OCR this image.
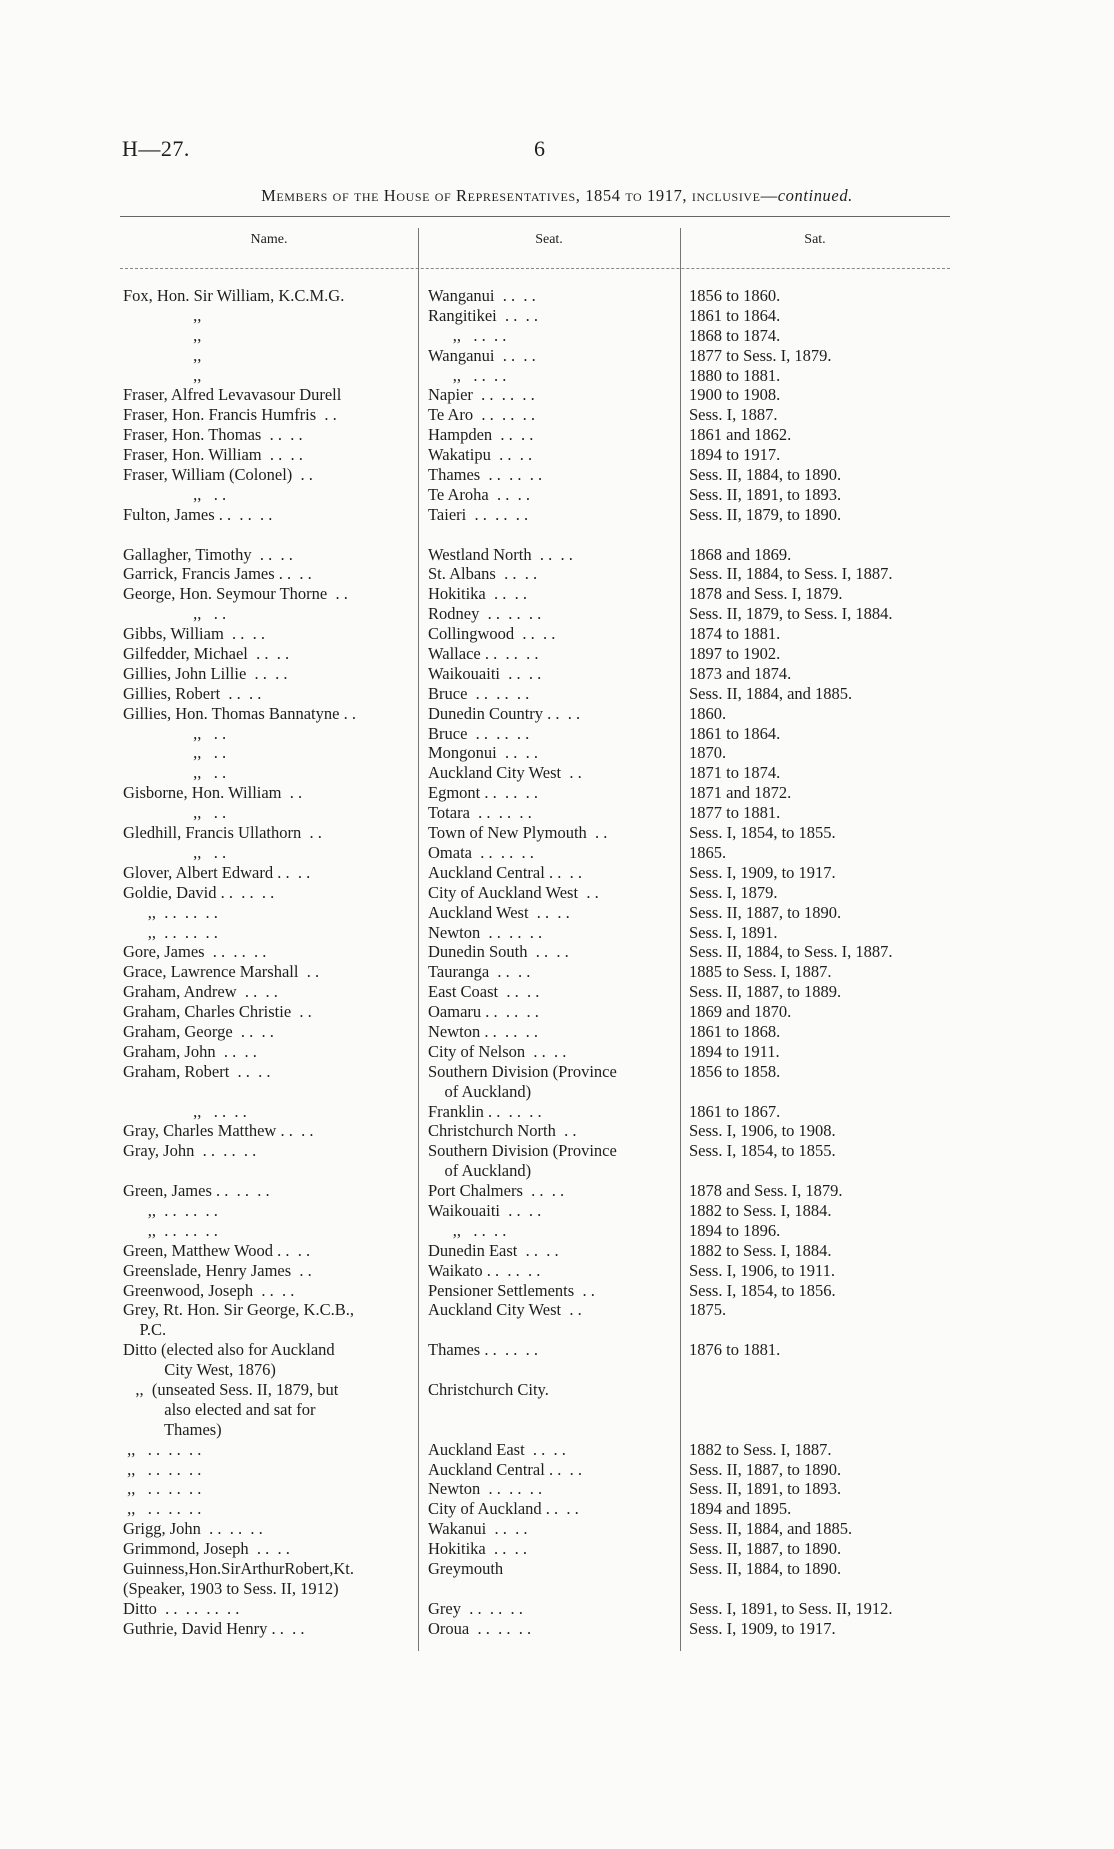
H—27.	6
Members of the House of Representatives, 1854 to 1917, inclusive—continued.
Name.	Seat.	Sat.
Fox, Hon. Sir William, K.C.M.G.	Wanganui  . .  . .	1856 to 1860.
,,	Rangitikei  . .  . .	1861 to 1864.
,,	,,   . .  . .	1868 to 1874.
,,	Wanganui  . .  . .	1877 to Sess. I, 1879.
,,	,,   . .  . .	1880 to 1881.
Fraser, Alfred Levavasour Durell	Napier  . .  . .  . .	1900 to 1908.
Fraser, Hon. Francis Humfris  . .	Te Aro  . .  . .  . .	Sess. I, 1887.
Fraser, Hon. Thomas  . .  . .	Hampden  . .  . .	1861 and 1862.
Fraser, Hon. William  . .  . .	Wakatipu  . .  . .	1894 to 1917.
Fraser, William (Colonel)  . .	Thames  . .  . .  . .	Sess. II, 1884, to 1890.
,,   . .	Te Aroha  . .  . .	Sess. II, 1891, to 1893.
Fulton, James . .  . .  . .	Taieri  . .  . .  . .	Sess. II, 1879, to 1890.
Gallagher, Timothy  . .  . .	Westland North  . .  . .	1868 and 1869.
Garrick, Francis James . .  . .	St. Albans  . .  . .	Sess. II, 1884, to Sess. I, 1887.
George, Hon. Seymour Thorne  . .	Hokitika  . .  . .	1878 and Sess. I, 1879.
,,   . .	Rodney  . .  . .  . .	Sess. II, 1879, to Sess. I, 1884.
Gibbs, William  . .  . .	Collingwood  . .  . .	1874 to 1881.
Gilfedder, Michael  . .  . .	Wallace . .  . .  . .	1897 to 1902.
Gillies, John Lillie  . .  . .	Waikouaiti  . .  . .	1873 and 1874.
Gillies, Robert  . .  . .	Bruce  . .  . .  . .	Sess. II, 1884, and 1885.
Gillies, Hon. Thomas Bannatyne . .	Dunedin Country . .  . .	1860.
,,   . .	Bruce  . .  . .  . .	1861 to 1864.
,,   . .	Mongonui  . .  . .	1870.
,,   . .	Auckland City West  . .	1871 to 1874.
Gisborne, Hon. William  . .	Egmont . .  . .  . .	1871 and 1872.
,,   . .	Totara  . .  . .  . .	1877 to 1881.
Gledhill, Francis Ullathorn  . .	Town of New Plymouth  . .	Sess. I, 1854, to 1855.
,,   . .	Omata  . .  . .  . .	1865.
Glover, Albert Edward . .  . .	Auckland Central . .  . .	Sess. I, 1909, to 1917.
Goldie, David . .  . .  . .	City of Auckland West  . .	Sess. I, 1879.
,,  . .  . .  . .	Auckland West  . .  . .	Sess. II, 1887, to 1890.
,,  . .  . .  . .	Newton  . .  . .  . .	Sess. I, 1891.
Gore, James  . .  . .  . .	Dunedin South  . .  . .	Sess. II, 1884, to Sess. I, 1887.
Grace, Lawrence Marshall  . .	Tauranga  . .  . .	1885 to Sess. I, 1887.
Graham, Andrew  . .  . .	East Coast  . .  . .	Sess. II, 1887, to 1889.
Graham, Charles Christie  . .	Oamaru . .  . .  . .	1869 and 1870.
Graham, George  . .  . .	Newton . .  . .  . .	1861 to 1868.
Graham, John  . .  . .	City of Nelson  . .  . .	1894 to 1911.
Graham, Robert  . .  . .	Southern Division (Province	1856 to 1858.
of Auckland)
,,   . .  . .	Franklin . .  . .  . .	1861 to 1867.
Gray, Charles Matthew . .  . .	Christchurch North  . .	Sess. I, 1906, to 1908.
Gray, John  . .  . .  . .	Southern Division (Province	Sess. I, 1854, to 1855.
of Auckland)
Green, James . .  . .  . .	Port Chalmers  . .  . .	1878 and Sess. I, 1879.
,,  . .  . .  . .	Waikouaiti  . .  . .	1882 to Sess. I, 1884.
,,  . .  . .  . .	,,   . .  . .	1894 to 1896.
Green, Matthew Wood . .  . .	Dunedin East  . .  . .	1882 to Sess. I, 1884.
Greenslade, Henry James  . .	Waikato . .  . .  . .	Sess. I, 1906, to 1911.
Greenwood, Joseph  . .  . .	Pensioner Settlements  . .	Sess. I, 1854, to 1856.
Grey, Rt. Hon. Sir George, K.C.B.,	Auckland City West  . .	1875.
P.C.
Ditto (elected also for Auckland	Thames . .  . .  . .	1876 to 1881.
City West, 1876)
,,  (unseated Sess. II, 1879, but	Christchurch City.
also elected and sat for
Thames)
,,   . .  . .  . .	Auckland East  . .  . .	1882 to Sess. I, 1887.
,,   . .  . .  . .	Auckland Central . .  . .	Sess. II, 1887, to 1890.
,,   . .  . .  . .	Newton  . .  . .  . .	Sess. II, 1891, to 1893.
,,   . .  . .  . .	City of Auckland . .  . .	1894 and 1895.
Grigg, John  . .  . .  . .	Wakanui  . .  . .	Sess. II, 1884, and 1885.
Grimmond, Joseph  . .  . .	Hokitika  . .  . .	Sess. II, 1887, to 1890.
Guinness,Hon.SirArthurRobert,Kt.	Greymouth	Sess. II, 1884, to 1890.
(Speaker, 1903 to Sess. II, 1912)
Ditto  . .  . .  . .  . .	Grey  . .  . .  . .	Sess. I, 1891, to Sess. II, 1912.
Guthrie, David Henry . .  . .	Oroua  . .  . .  . .	Sess. I, 1909, to 1917.
